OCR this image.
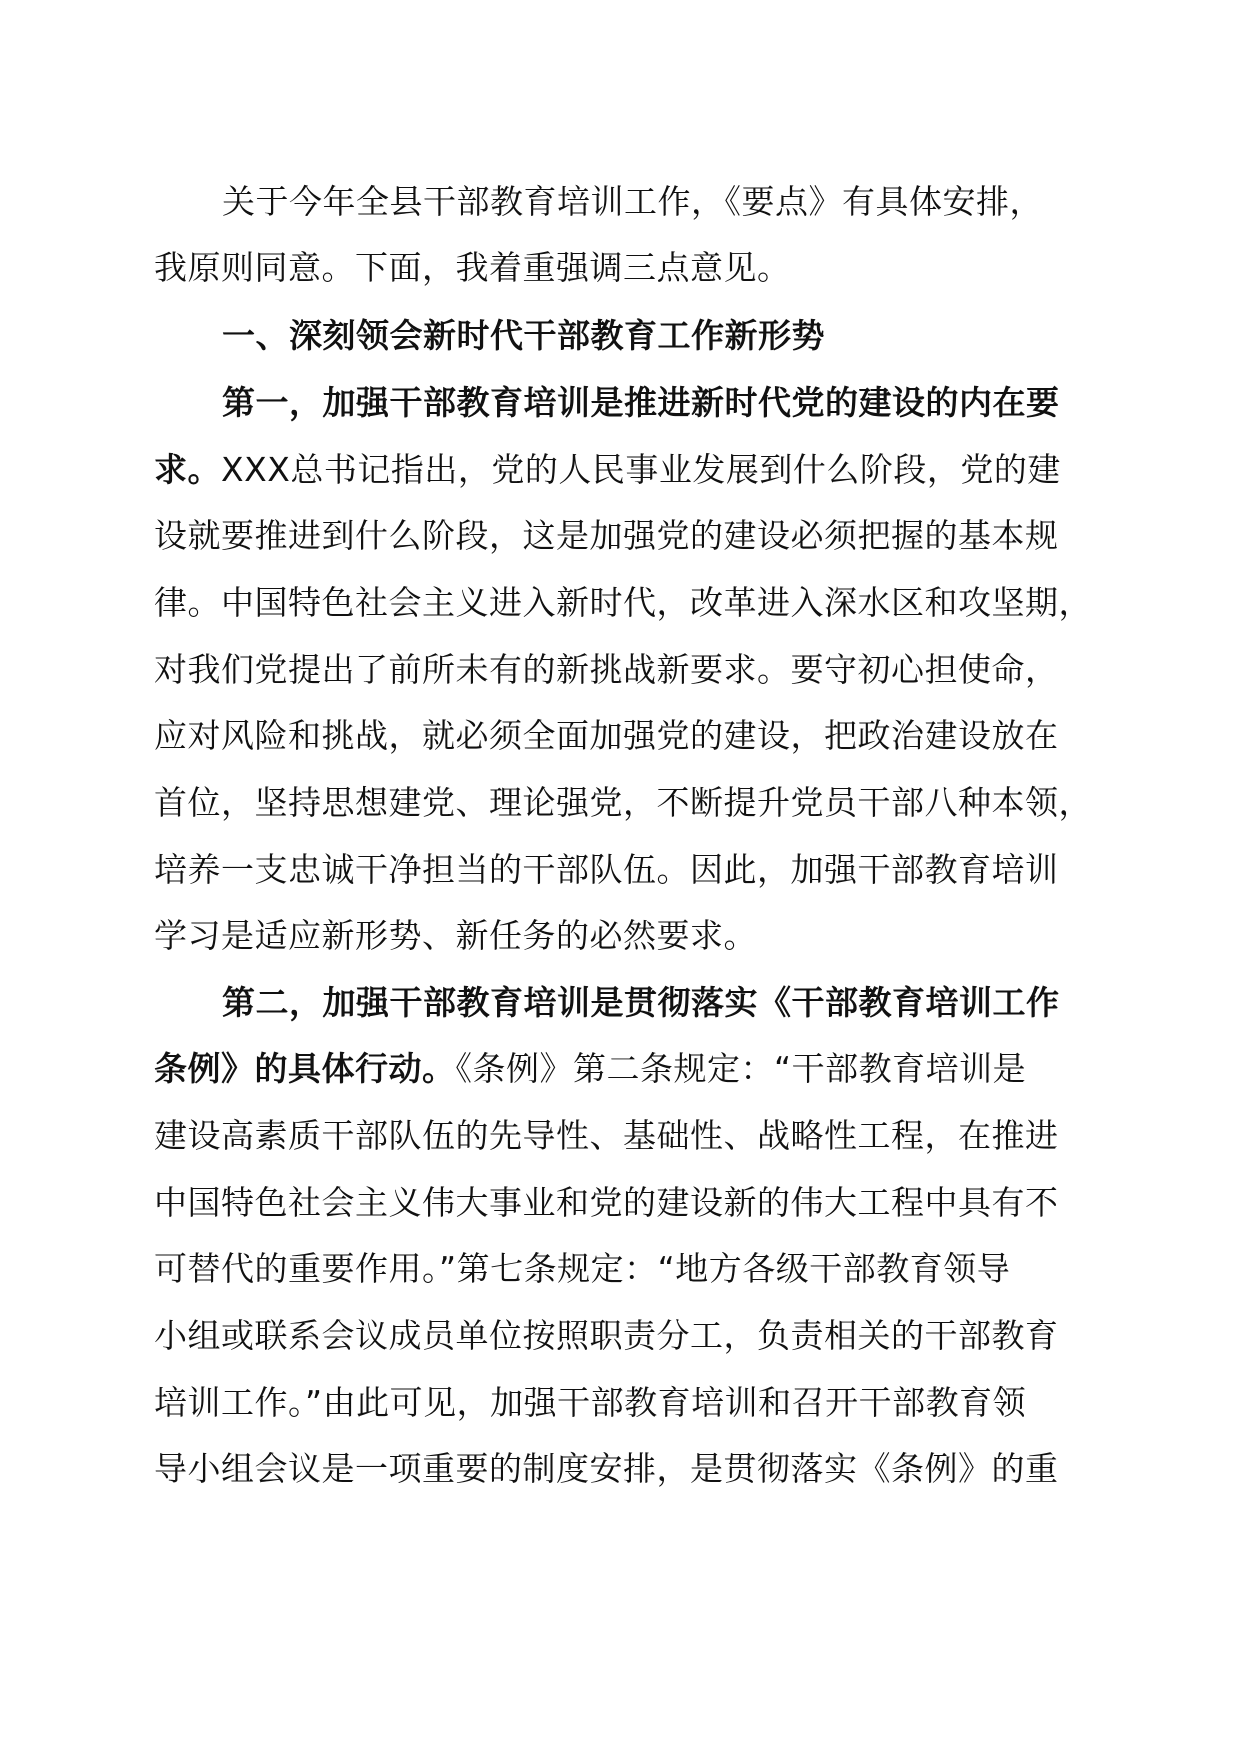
关于今年全县干部教育培训工作，《要点》有具体安排，
我原则同意。下面，我着重强调三点意见。
一、深刻领会新时代干部教育工作新形势
第一，加强干部教育培训是推进新时代党的建设的内在要
求。XXX总书记指出，党的人民事业发展到什么阶段，党的建
设就要推进到什么阶段，这是加强党的建设必须把握的基本规
律。中国特色社会主义进入新时代，改革进入深水区和攻坚期，
对我们党提出了前所未有的新挑战新要求。要守初心担使命，
应对风险和挑战，就必须全面加强党的建设，把政治建设放在
首位，坚持思想建党、理论强党，不断提升党员干部八种本领，
培养一支忠诚干净担当的干部队伍。因此，加强干部教育培训
学习是适应新形势、新任务的必然要求。
第二，加强干部教育培训是贯彻落实《干部教育培训工作
条例》的具体行动。《条例》第二条规定：“干部教育培训是
建设高素质干部队伍的先导性、基础性、战略性工程，在推进
中国特色社会主义伟大事业和党的建设新的伟大工程中具有不
可替代的重要作用。”第七条规定：“地方各级干部教育领导
小组或联系会议成员单位按照职责分工，负责相关的干部教育
培训工作。”由此可见，加强干部教育培训和召开干部教育领
导小组会议是一项重要的制度安排，是贯彻落实《条例》的重
